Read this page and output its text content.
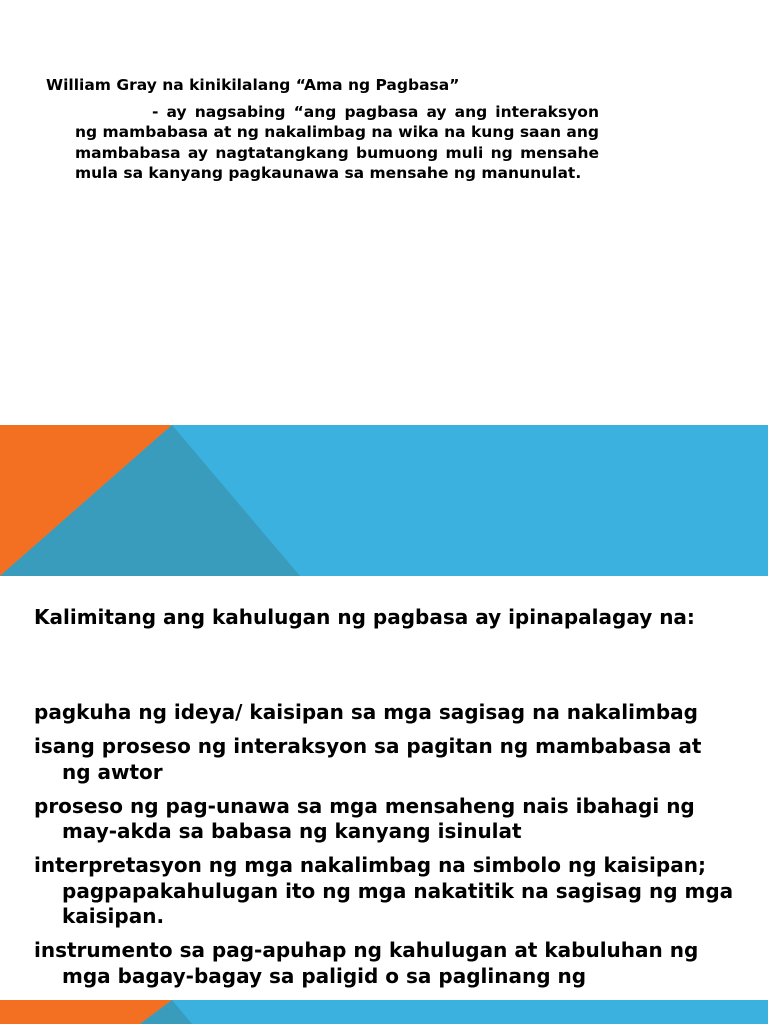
William Gray na kinikilalang “Ama ng Pagbasa”
- ay nagsabing “ang pagbasa ay ang interaksyon ng mambabasa at ng nakalimbag na wika na kung saan ang mambabasa ay nagtatangkang bumuong muli ng mensahe mula sa kanyang pagkaunawa sa mensahe ng manunulat.
Kalimitang ang kahulugan ng pagbasa ay ipinapalagay na:
pagkuha ng ideya/ kaisipan sa mga sagisag na nakalimbag
isang proseso ng interaksyon sa pagitan ng mambabasa at ng awtor
proseso ng pag-unawa sa mga mensaheng nais ibahagi ng may-akda sa babasa ng kanyang isinulat
interpretasyon ng mga nakalimbag na simbolo ng kaisipan; pagpapakahulugan ito ng mga nakatitik na sagisag ng mga kaisipan.
instrumento sa pag-apuhap ng kahulugan at kabuluhan ng mga bagay-bagay sa paligid o sa paglinang ng
